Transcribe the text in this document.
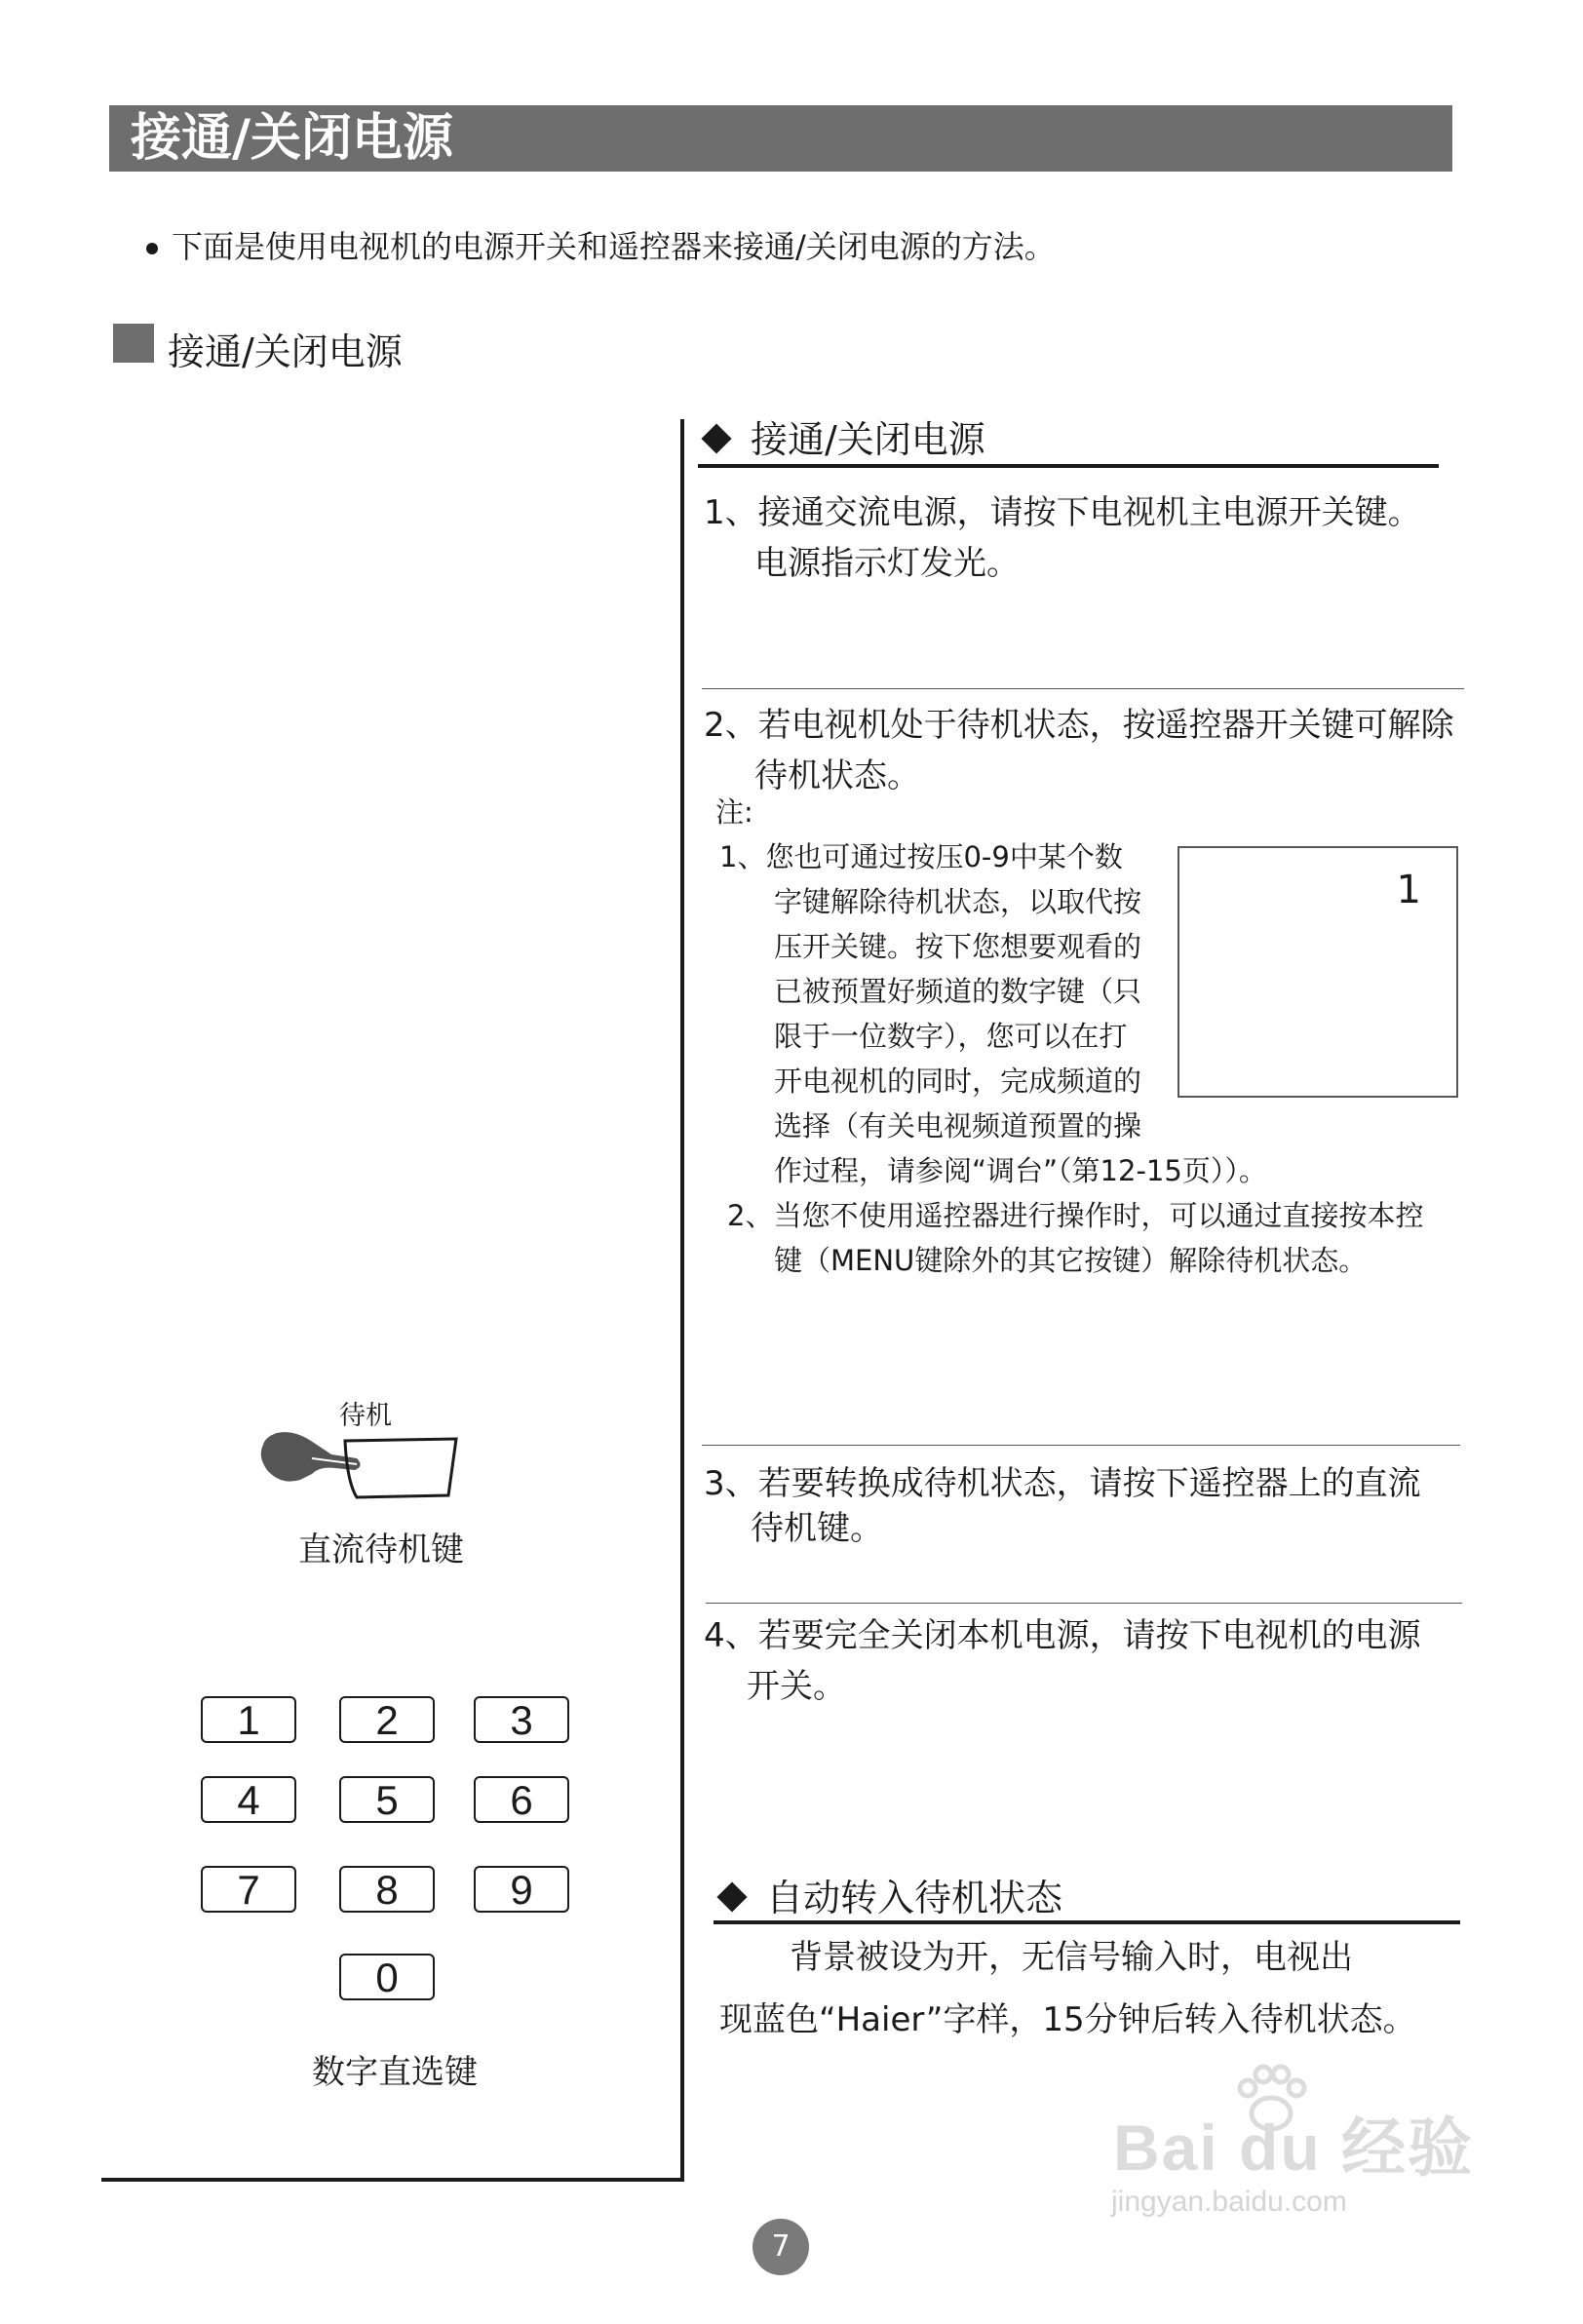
接通/关闭电源
下面是使用电视机的电源开关和遥控器来接通/关闭电源的方法。
接通/关闭电源
接通/关闭电源
1、接通交流电源，请按下电视机主电源开关键。
电源指示灯发光。
2、若电视机处于待机状态，按遥控器开关键可解除
待机状态。
注:
1、您也可通过按压0-9中某个数
字键解除待机状态，以取代按
压开关键。按下您想要观看的
已被预置好频道的数字键（只
限于一位数字），您可以在打
开电视机的同时，完成频道的
选择（有关电视频道预置的操
作过程，请参阅“调台”（第12-15页））。
1
2、当您不使用遥控器进行操作时，可以通过直接按本控
键（MENU键除外的其它按键）解除待机状态。
3、若要转换成待机状态，请按下遥控器上的直流
待机键。
4、若要完全关闭本机电源，请按下电视机的电源
开关。
自动转入待机状态
背景被设为开，无信号输入时，电视出
现蓝色“Haier”字样，15分钟后转入待机状态。
待机
直流待机键
1	2	3
4	5	6
7	8	9
0
数字直选键
7
Bai du 经验
jingyan.baidu.com
